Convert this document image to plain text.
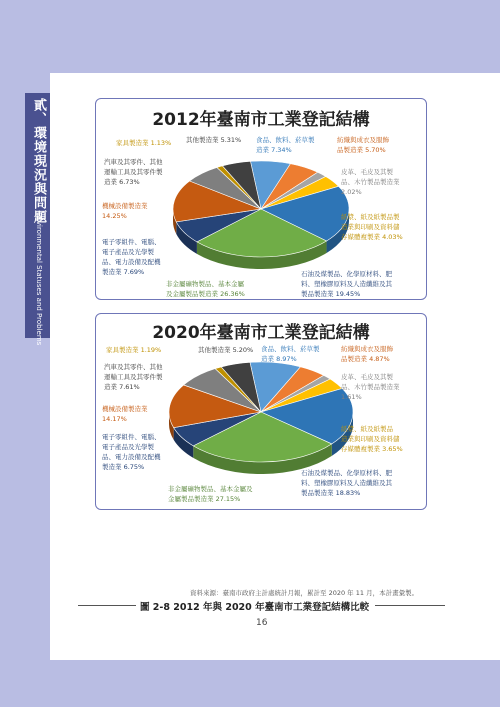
貳、環境現況與問題
Environmental Statuses and Problems
2012年臺南市工業登記結構
食品、飲料、菸草製
造業 7.34%
紡織與成衣及服飾
品製造業 5.70%
皮革、毛皮及其製
品、木竹製品製造業
2.02%
紙漿、紙及紙製品製
造業與印刷及資料儲
存媒體複製業 4.03%
石油及煤製品、化學原材料、肥
料、塑橡膠原料及人造纖維及其
製品製造業 19.45%
非金屬礦物製品、基本金屬
及金屬製品製造業 26.36%
電子零組件、電腦、
電子產品及光學製
品、電力設備及配機
製造業 7.69%
機械設備製造業
14.25%
汽車及其零件、其他
運輸工具及其零件製
造業 6.73%
家具製造業 1.13% 其他製造業 5.31%
2020年臺南市工業登記結構
食品、飲料、菸草製
造業 8.97%
紡織與成衣及服飾
品製造業 4.87%
皮革、毛皮及其製
品、木竹製品製造業
1.61%
紙漿、紙及紙製品
造業與印刷及資料儲
存媒體複製業 3.65%
石油及煤製品、化學原材料、肥
料、塑橡膠原料及人造纖維及其
製品製造業 18.83%
非金屬礦物製品、基本金屬及
金屬製品製造業 27.15%
電子零組件、電腦、
電子產品及光學製
品、電力設備及配機
製造業 6.75%
機械設備製造業
14.17%
汽車及其零件、其他
運輸工具及其零件製
造業 7.61%
家具製造業 1.19%	其他製造業 5.20%
資料來源：臺南市政府主計處統計月報，累計至 2020 年 11 月，本計畫彙製。
圖 2-8 2012 年與 2020 年臺南市工業登記結構比較
16
